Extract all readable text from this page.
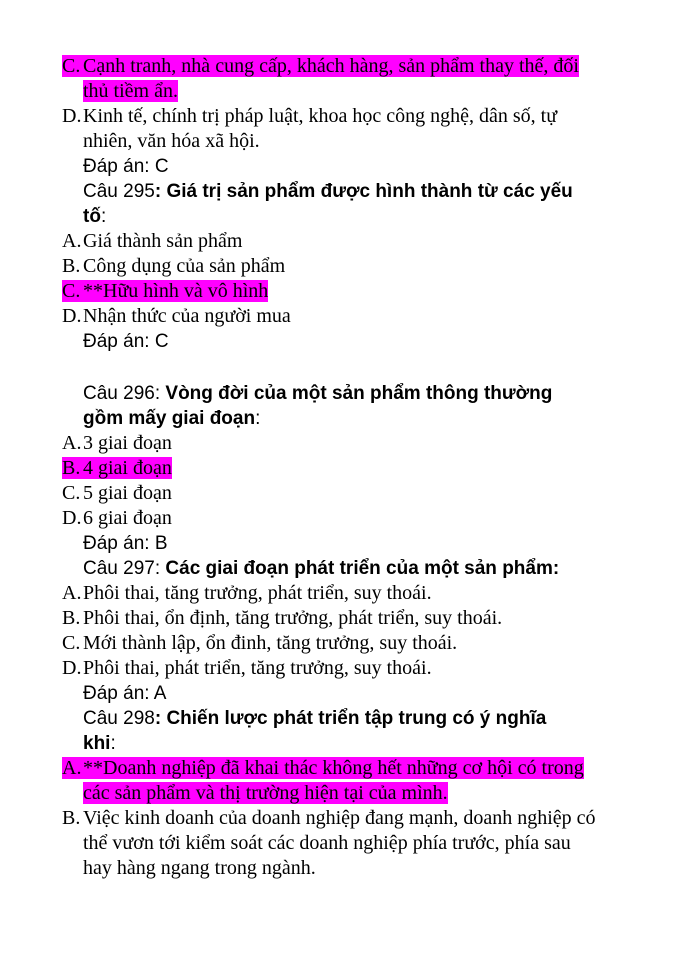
C. Cạnh tranh, nhà cung cấp, khách hàng, sản phẩm thay thế, đối
thủ tiềm ẩn.
D.Kinh tế, chính trị pháp luật, khoa học công nghệ, dân số, tự
nhiên, văn hóa xã hội.
Đáp án: C
Câu 295: Giá trị sản phẩm được hình thành từ các yếu
tố:
A.Giá thành sản phẩm
B. Công dụng của sản phẩm
C. **Hữu hình và vô hình
D.Nhận thức của người mua
Đáp án: C
Câu 296: Vòng đời của một sản phẩm thông thường
gồm mấy giai đoạn:
A.3 giai đoạn
B. 4 giai đoạn
C. 5 giai đoạn
D.6 giai đoạn
Đáp án: B
Câu 297: Các giai đoạn phát triển của một sản phẩm:
A.Phôi thai, tăng trưởng, phát triển, suy thoái.
B. Phôi thai, ổn định, tăng trưởng, phát triển, suy thoái.
C. Mới thành lập, ổn đinh, tăng trưởng, suy thoái.
D.Phôi thai, phát triển, tăng trưởng, suy thoái.
Đáp án: A
Câu 298: Chiến lược phát triển tập trung có ý nghĩa
khi:
A.**Doanh nghiệp đã khai thác không hết những cơ hội có trong
các sản phẩm và thị trường hiện tại của mình.
B. Việc kinh doanh của doanh nghiệp đang mạnh, doanh nghiệp có
thể vươn tới kiểm soát các doanh nghiệp phía trước, phía sau
hay hàng ngang trong ngành.
